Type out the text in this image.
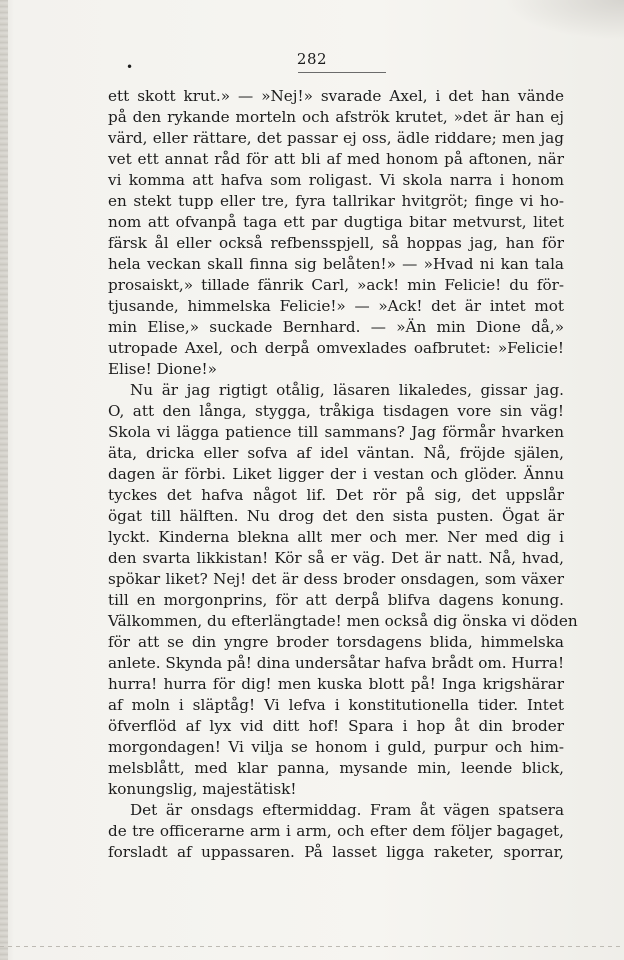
•	282
ett skott krut.» — »Nej!» svarade Axel, i det han vände
på den rykande morteln och afströk krutet, »det är han ej
värd, eller rättare, det passar ej oss, ädle riddare; men jag
vet ett annat råd för att bli af med honom på aftonen, när
vi komma att hafva som roligast. Vi skola narra i honom
en stekt tupp eller tre, fyra tallrikar hvitgröt; finge vi ho-
nom att ofvanpå taga ett par dugtiga bitar metvurst, litet
färsk ål eller också refbensspjell, så hoppas jag, han för
hela veckan skall finna sig belåten!» — »Hvad ni kan tala
prosaiskt,» tillade fänrik Carl, »ack! min Felicie! du för-
tjusande, himmelska Felicie!» — »Ack! det är intet mot
min Elise,» suckade Bernhard. — »Än min Dione då,»
utropade Axel, och derpå omvexlades oafbrutet: »Felicie!
Elise! Dione!»
Nu är jag rigtigt otålig, läsaren likaledes, gissar jag.
O, att den långa, stygga, tråkiga tisdagen vore sin väg!
Skola vi lägga patience till sammans? Jag förmår hvarken
äta, dricka eller sofva af idel väntan. Nå, fröjde själen,
dagen är förbi. Liket ligger der i vestan och glöder. Ännu
tyckes det hafva något lif. Det rör på sig, det uppslår
ögat till hälften. Nu drog det den sista pusten. Ögat är
lyckt. Kinderna blekna allt mer och mer. Ner med dig i
den svarta likkistan! Kör så er väg. Det är natt. Nå, hvad,
spökar liket? Nej! det är dess broder onsdagen, som växer
till en morgonprins, för att derpå blifva dagens konung.
Välkommen, du efterlängtade! men också dig önska vi döden
för att se din yngre broder torsdagens blida, himmelska
anlete. Skynda på! dina undersåtar hafva brådt om. Hurra!
hurra! hurra för dig! men kuska blott på! Inga krigshärar
af moln i släptåg! Vi lefva i konstitutionella tider. Intet
öfverflöd af lyx vid ditt hof! Spara i hop åt din broder
morgondagen! Vi vilja se honom i guld, purpur och him-
melsblått, med klar panna, mysande min, leende blick,
konungslig, majestätisk!
Det är onsdags eftermiddag. Fram åt vägen spatsera
de tre officerarne arm i arm, och efter dem följer bagaget,
forsladt af uppassaren. På lasset ligga raketer, sporrar,
